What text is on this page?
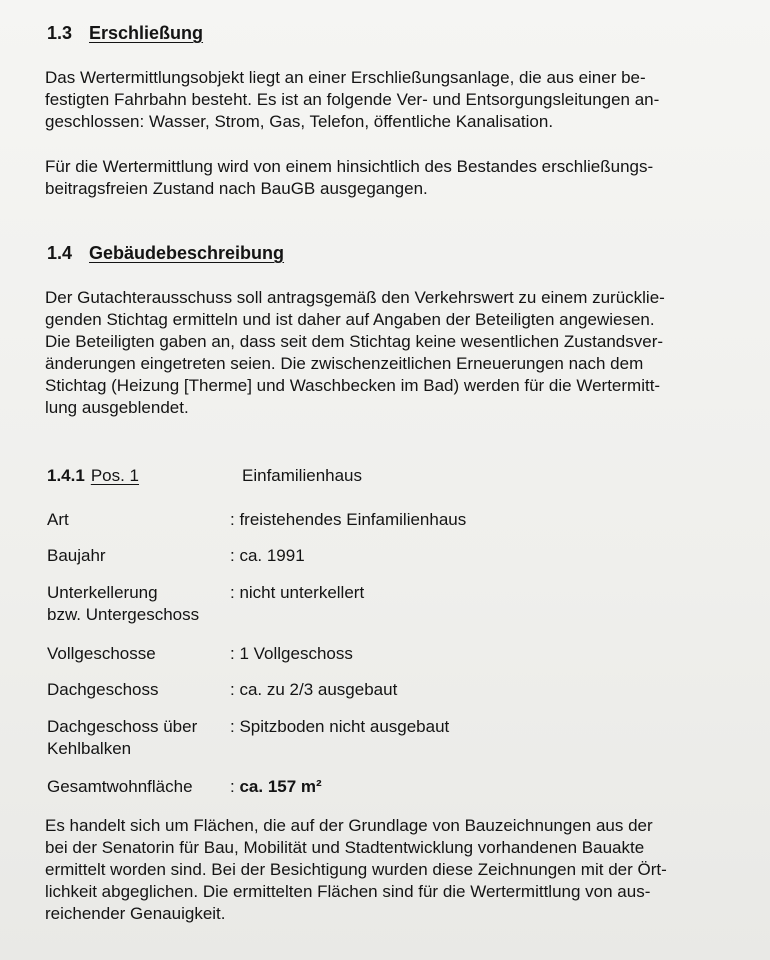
1.3 Erschließung
Das Wertermittlungsobjekt liegt an einer Erschließungsanlage, die aus einer be-
festigten Fahrbahn besteht. Es ist an folgende Ver- und Entsorgungsleitungen an-
geschlossen: Wasser, Strom, Gas, Telefon, öffentliche Kanalisation.
Für die Wertermittlung wird von einem hinsichtlich des Bestandes erschließungs-
beitragsfreien Zustand nach BauGB ausgegangen.
1.4 Gebäudebeschreibung
Der Gutachterausschuss soll antragsgemäß den Verkehrswert zu einem zurücklie-
genden Stichtag ermitteln und ist daher auf Angaben der Beteiligten angewiesen.
Die Beteiligten gaben an, dass seit dem Stichtag keine wesentlichen Zustandsver-
änderungen eingetreten seien. Die zwischenzeitlichen Erneuerungen nach dem
Stichtag (Heizung [Therme] und Waschbecken im Bad) werden für die Wertermitt-
lung ausgeblendet.
1.4.1 Pos. 1	Einfamilienhaus
Art	: freistehendes Einfamilienhaus
Baujahr	: ca. 1991
Unterkellerung
bzw. Untergeschoss
: nicht unterkellert
Vollgeschosse	: 1 Vollgeschoss
Dachgeschoss	: ca. zu 2/3 ausgebaut
Dachgeschoss über
Kehlbalken
: Spitzboden nicht ausgebaut
Gesamtwohnfläche : ca. 157 m²
Es handelt sich um Flächen, die auf der Grundlage von Bauzeichnungen aus der
bei der Senatorin für Bau, Mobilität und Stadtentwicklung vorhandenen Bauakte
ermittelt worden sind. Bei der Besichtigung wurden diese Zeichnungen mit der Ört-
lichkeit abgeglichen. Die ermittelten Flächen sind für die Wertermittlung von aus-
reichender Genauigkeit.
